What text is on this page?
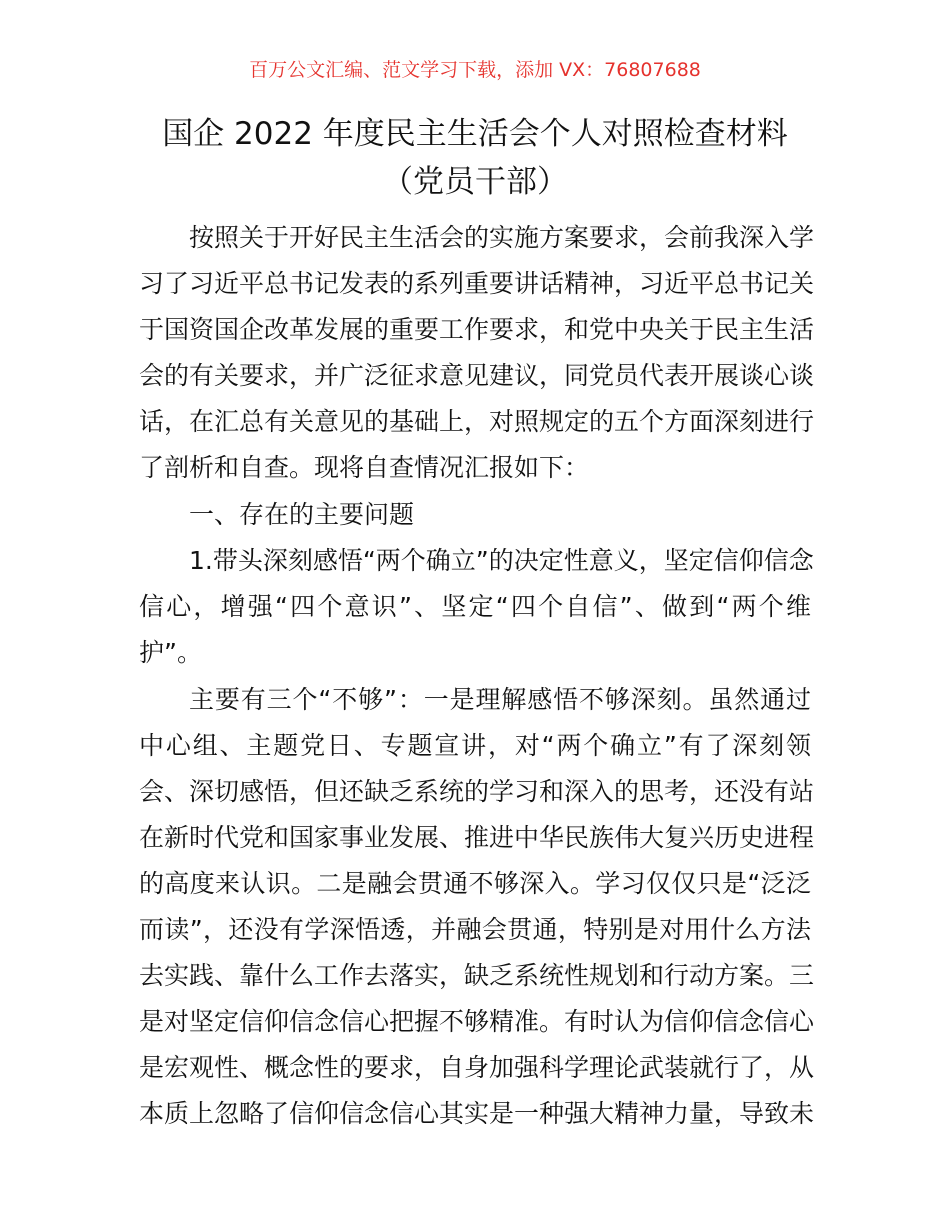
百万公文汇编、范文学习下载，添加 VX：76807688
国企 2022 年度民主生活会个人对照检查材料
（党员干部）
按照关于开好民主生活会的实施方案要求，会前我深入学
习了习近平总书记发表的系列重要讲话精神，习近平总书记关
于国资国企改革发展的重要工作要求，和党中央关于民主生活
会的有关要求，并广泛征求意见建议，同党员代表开展谈心谈
话，在汇总有关意见的基础上，对照规定的五个方面深刻进行
了剖析和自查。现将自查情况汇报如下：
一、存在的主要问题
1.带头深刻感悟“两个确立”的决定性意义，坚定信仰信念
信心，增强“四个意识”、坚定“四个自信”、做到“两个维
护”。
主要有三个“不够”：一是理解感悟不够深刻。虽然通过
中心组、主题党日、专题宣讲，对“两个确立”有了深刻领
会、深切感悟，但还缺乏系统的学习和深入的思考，还没有站
在新时代党和国家事业发展、推进中华民族伟大复兴历史进程
的高度来认识。二是融会贯通不够深入。学习仅仅只是“泛泛
而读”，还没有学深悟透，并融会贯通，特别是对用什么方法
去实践、靠什么工作去落实，缺乏系统性规划和行动方案。三
是对坚定信仰信念信心把握不够精准。有时认为信仰信念信心
是宏观性、概念性的要求，自身加强科学理论武装就行了，从
本质上忽略了信仰信念信心其实是一种强大精神力量，导致未
